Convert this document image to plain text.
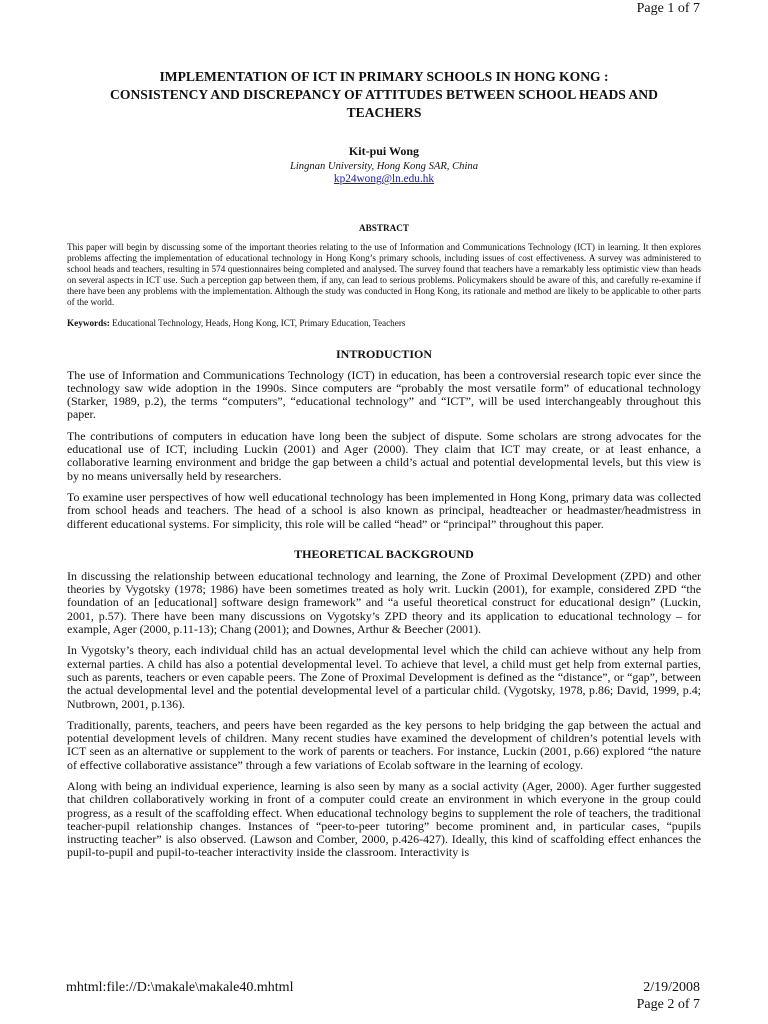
Page 1 of 7
IMPLEMENTATION OF ICT IN PRIMARY SCHOOLS IN HONG KONG :
CONSISTENCY AND DISCREPANCY OF ATTITUDES BETWEEN SCHOOL HEADS AND
TEACHERS
Kit-pui Wong
Lingnan University, Hong Kong SAR, China
kp24wong@ln.edu.hk
ABSTRACT
This paper will begin by discussing some of the important theories relating to the use of Information and Communications Technology (ICT) in learning. It then explores problems affecting the implementation of educational technology in Hong Kong’s primary schools, including issues of cost effectiveness. A survey was administered to school heads and teachers, resulting in 574 questionnaires being completed and analysed. The survey found that teachers have a remarkably less optimistic view than heads on several aspects in ICT use. Such a perception gap between them, if any, can lead to serious problems. Policymakers should be aware of this, and carefully re-examine if there have been any problems with the implementation. Although the study was conducted in Hong Kong, its rationale and method are likely to be applicable to other parts of the world.
Keywords: Educational Technology, Heads, Hong Kong, ICT, Primary Education, Teachers
INTRODUCTION

The use of Information and Communications Technology (ICT) in education, has been a controversial research topic ever since the technology saw wide adoption in the 1990s. Since computers are “probably the most versatile form” of educational technology (Starker, 1989, p.2), the terms “computers”, “educational technology” and “ICT”, will be used interchangeably throughout this paper.

The contributions of computers in education have long been the subject of dispute. Some scholars are strong advocates for the educational use of ICT, including Luckin (2001) and Ager (2000). They claim that ICT may create, or at least enhance, a collaborative learning environment and bridge the gap between a child’s actual and potential developmental levels, but this view is by no means universally held by researchers.

To examine user perspectives of how well educational technology has been implemented in Hong Kong, primary data was collected from school heads and teachers. The head of a school is also known as principal, headteacher or headmaster/headmistress in different educational systems. For simplicity, this role will be called “head” or “principal” throughout this paper.

THEORETICAL BACKGROUND

In discussing the relationship between educational technology and learning, the Zone of Proximal Development (ZPD) and other theories by Vygotsky (1978; 1986) have been sometimes treated as holy writ. Luckin (2001), for example, considered ZPD “the foundation of an [educational] software design framework” and “a useful theoretical construct for educational design” (Luckin, 2001, p.57). There have been many discussions on Vygotsky’s ZPD theory and its application to educational technology – for example, Ager (2000, p.11-13); Chang (2001); and Downes, Arthur & Beecher (2001).

In Vygotsky’s theory, each individual child has an actual developmental level which the child can achieve without any help from external parties. A child has also a potential developmental level. To achieve that level, a child must get help from external parties, such as parents, teachers or even capable peers. The Zone of Proximal Development is defined as the “distance”, or “gap”, between the actual developmental level and the potential developmental level of a particular child. (Vygotsky, 1978, p.86; David, 1999, p.4; Nutbrown, 2001, p.136).

Traditionally, parents, teachers, and peers have been regarded as the key persons to help bridging the gap between the actual and potential development levels of children. Many recent studies have examined the development of children’s potential levels with ICT seen as an alternative or supplement to the work of parents or teachers. For instance, Luckin (2001, p.66) explored “the nature of effective collaborative assistance” through a few variations of Ecolab software in the learning of ecology.

Along with being an individual experience, learning is also seen by many as a social activity (Ager, 2000). Ager further suggested that children collaboratively working in front of a computer could create an environment in which everyone in the group could progress, as a result of the scaffolding effect. When educational technology begins to supplement the role of teachers, the traditional teacher-pupil relationship changes. Instances of “peer-to-peer tutoring” become prominent and, in particular cases, “pupils instructing teacher” is also observed. (Lawson and Comber, 2000, p.426-427). Ideally, this kind of scaffolding effect enhances the pupil-to-pupil and pupil-to-teacher interactivity inside the classroom. Interactivity is

mhtml:file://D:\makale\makale40.mhtml	2/19/2008
Page 2 of 7
